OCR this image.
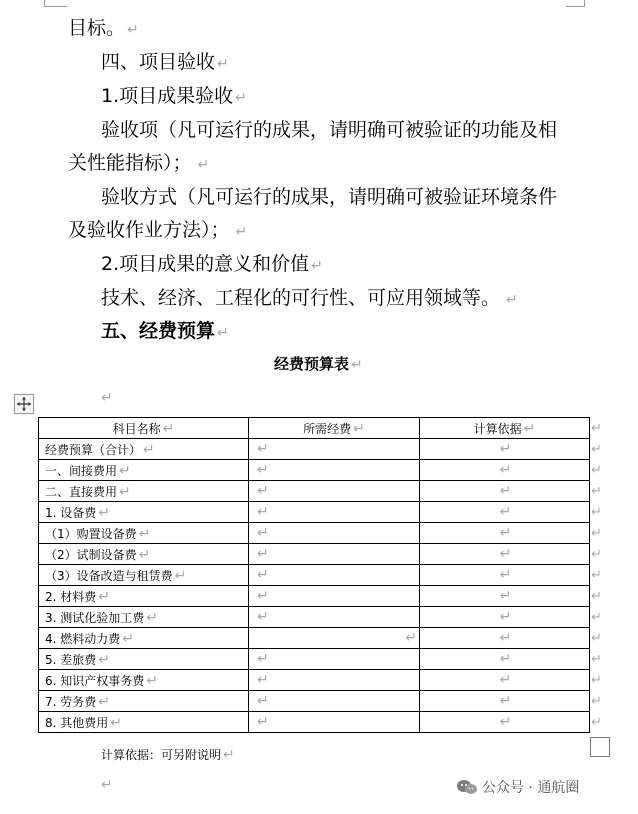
目标。 ↵
四、项目验收 ↵
1.项目成果验收 ↵
验收项（凡可运行的成果，请明确可被验证的功能及相
关性能指标）； ↵
验收方式（凡可运行的成果，请明确可被验证环境条件
及验收作业方法）； ↵
2.项目成果的意义和价值 ↵
技术、经济、工程化的可行性、可应用领域等。 ↵
五、经费预算 ↵
经费预算表 ↵
↵
科目名称 ↵	所需经费 ↵	计算依据 ↵
经费预算（合计） ↵	↵	↵
一、间接费用 ↵	↵	↵
二、直接费用 ↵	↵	↵
1. 设备费 ↵	↵	↵
（1）购置设备费 ↵	↵	↵
（2）试制设备费 ↵	↵	↵
（3）设备改造与租赁费 ↵	↵	↵
2. 材料费 ↵	↵	↵
3. 测试化验加工费 ↵	↵	↵
4. 燃料动力费 ↵	↵	↵
5. 差旅费 ↵	↵	↵
6. 知识产权事务费 ↵	↵	↵
7. 劳务费 ↵	↵	↵
8. 其他费用 ↵	↵	↵
↵
↵
↵
↵
↵
↵
↵
↵
↵
↵
↵
↵
↵
↵
↵
计算依据：可另附说明 ↵
↵	公众号 · 通航圈
